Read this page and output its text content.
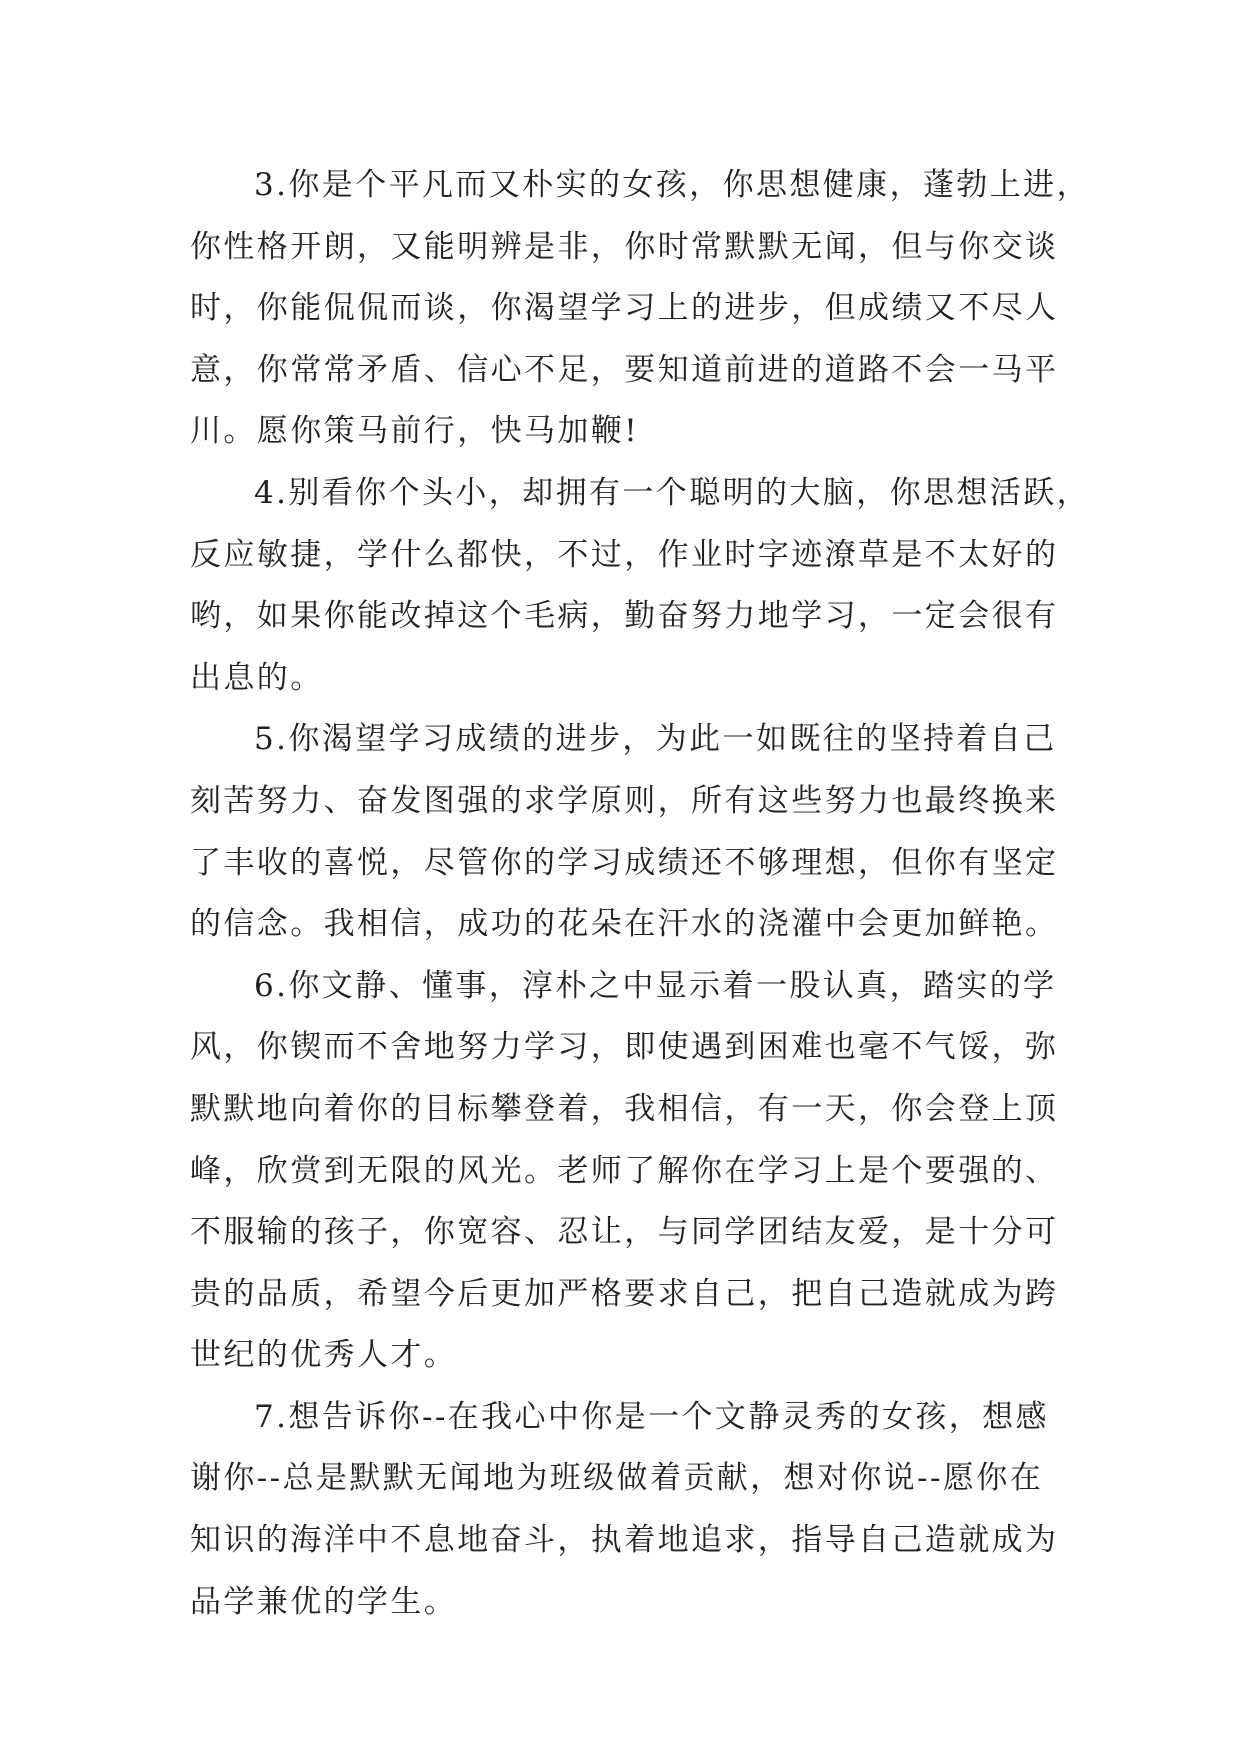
3.你是个平凡而又朴实的女孩，你思想健康，蓬勃上进，
你性格开朗，又能明辨是非，你时常默默无闻，但与你交谈
时，你能侃侃而谈，你渴望学习上的进步，但成绩又不尽人
意，你常常矛盾、信心不足，要知道前进的道路不会一马平
川。愿你策马前行，快马加鞭!
4.别看你个头小，却拥有一个聪明的大脑，你思想活跃，
反应敏捷，学什么都快，不过，作业时字迹潦草是不太好的
哟，如果你能改掉这个毛病，勤奋努力地学习，一定会很有
出息的。
5.你渴望学习成绩的进步，为此一如既往的坚持着自己
刻苦努力、奋发图强的求学原则，所有这些努力也最终换来
了丰收的喜悦，尽管你的学习成绩还不够理想，但你有坚定
的信念。我相信，成功的花朵在汗水的浇灌中会更加鲜艳。
6.你文静、懂事，淳朴之中显示着一股认真，踏实的学
风，你锲而不舍地努力学习，即使遇到困难也毫不气馁，弥
默默地向着你的目标攀登着，我相信，有一天，你会登上顶
峰，欣赏到无限的风光。老师了解你在学习上是个要强的、
不服输的孩子，你宽容、忍让，与同学团结友爱，是十分可
贵的品质，希望今后更加严格要求自己，把自己造就成为跨
世纪的优秀人才。
7.想告诉你--在我心中你是一个文静灵秀的女孩，想感
谢你--总是默默无闻地为班级做着贡献，想对你说--愿你在
知识的海洋中不息地奋斗，执着地追求，指导自己造就成为
品学兼优的学生。
